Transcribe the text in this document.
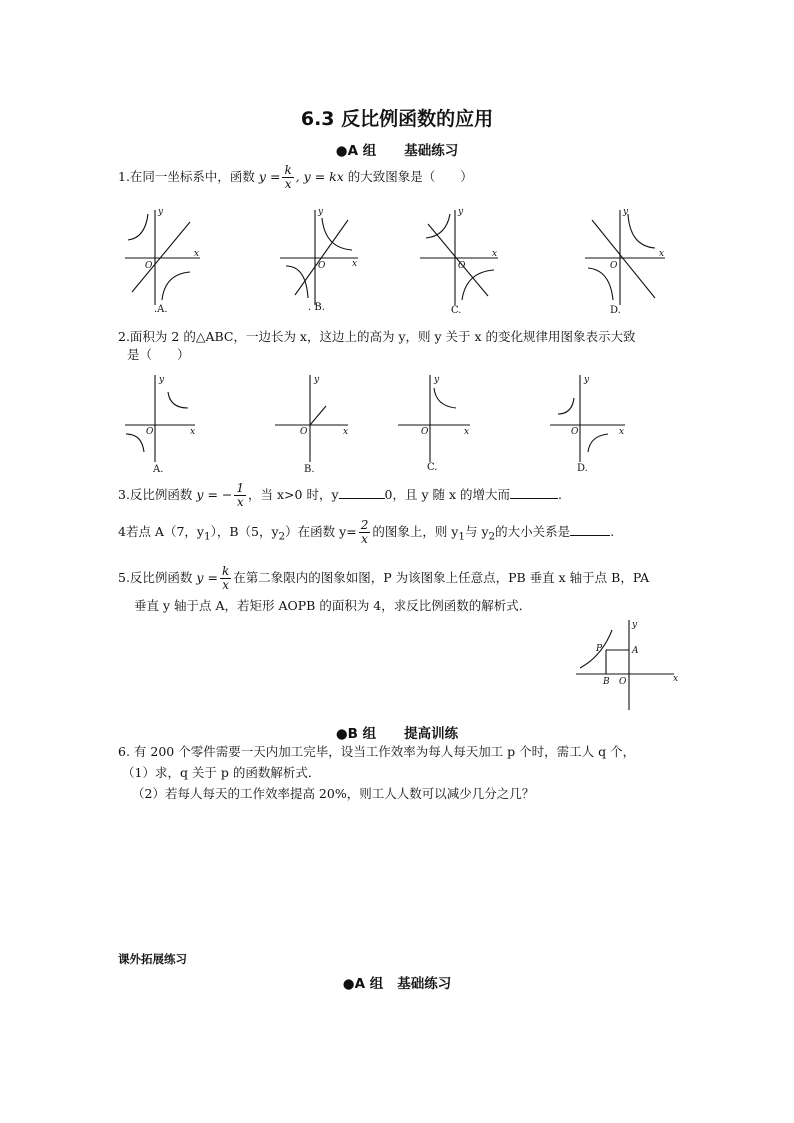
6.3 反比例函数的应用
●A 组 基础练习
1.在同一坐标系中，函数 $y = \frac{k}{x}$ , y = kx 的大致图象是（　　）
y
x
O
y
x
O
y
x
O
y
x
O
.A.	. B.	C.	D.
2.面积为 2 的△ABC，一边长为 x，这边上的高为 y，则 y 关于 x 的变化规律用图象表示大致
是（　　）
y
x
O
y
x
O
y
x
O
y
x
O
A.	B.	C.	D.
3.反比例函数 y = − $\frac{1}{x}$ ，当 x>0 时，y	0，且 y 随 x 的增大而	.
4若点 A（7，$y_1$），B（5，$y_2$）在函数 $y= \frac{2}{x}$ 的图象上，则 $y_1$与 $y_2$的大小关系是	.
5.反比例函数 $y = \frac{k}{x}$ 在第二象限内的图象如图，P 为该图象上任意点，PB 垂直 x 轴于点 B，PA
垂直 y 轴于点 A，若矩形 AOPB 的面积为 4，求反比例函数的解析式．
y
x
P	A
B O
●B 组 提高训练
6. 有 200 个零件需要一天内加工完毕，设当工作效率为每人每天加工 p 个时，需工人 q 个，
（1）求，q 关于 p 的函数解析式．
（2）若每人每天的工作效率提高 20%，则工人人数可以减少几分之几？
课外拓展练习
●A 组 基础练习
